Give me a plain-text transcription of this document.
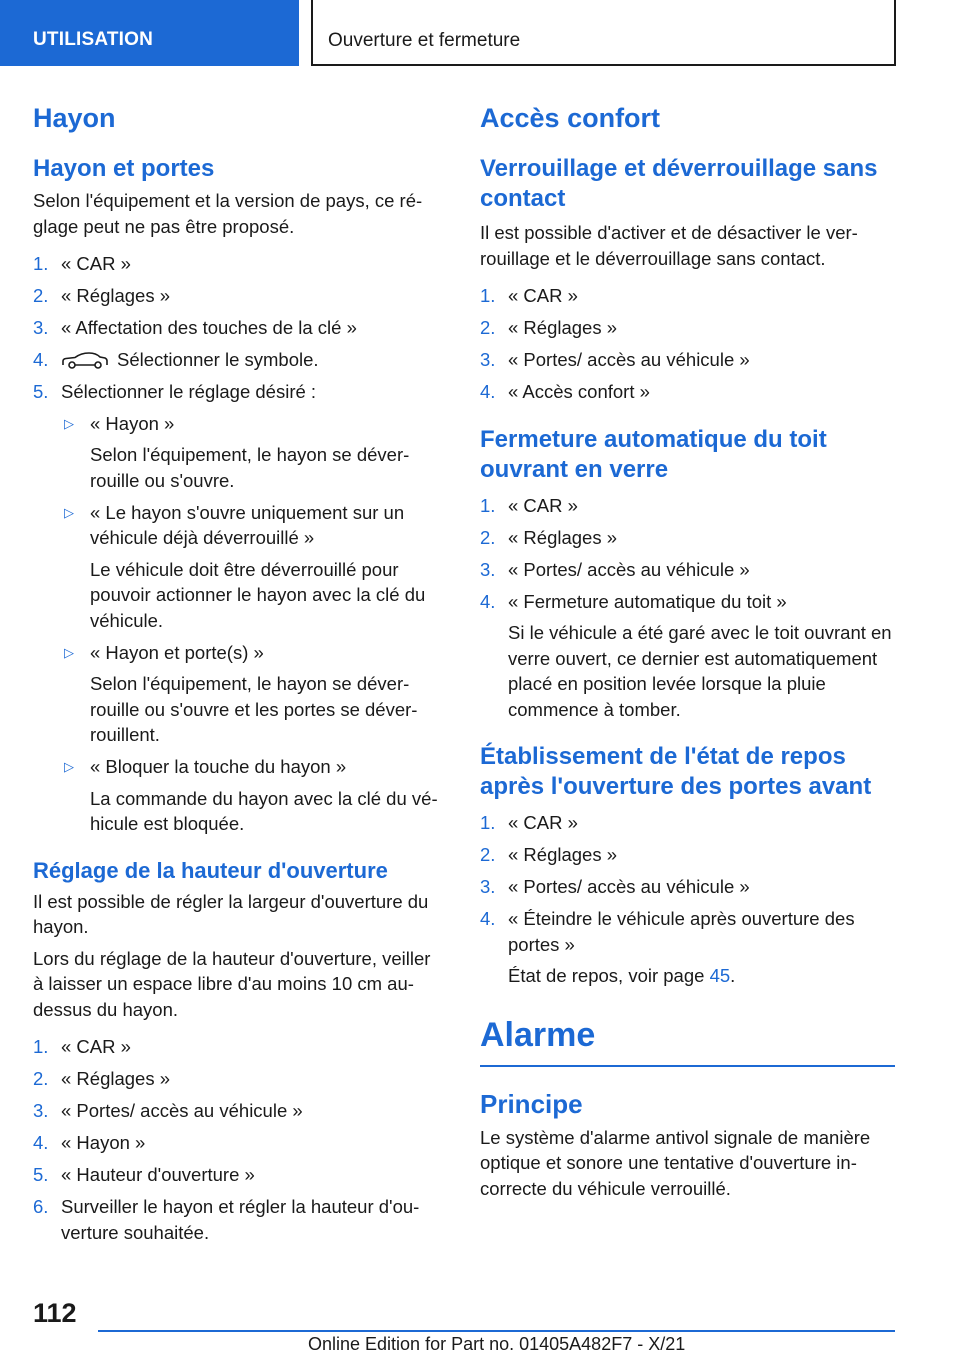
UTILISATION	Ouverture et fermeture
Hayon
Hayon et portes

Selon l'équipement et la version de pays, ce réglage peut ne pas être proposé.

1. « CAR »
2. « Réglages »
3. « Affectation des touches de la clé »
4.	Sélectionner le symbole.
5. Sélectionner le réglage désiré :
▷ « Hayon »
Selon l'équipement, le hayon se déverrouille ou s'ouvre.
▷ « Le hayon s'ouvre uniquement sur un véhicule déjà déverrouillé »
Le véhicule doit être déverrouillé pour pouvoir actionner le hayon avec la clé du véhicule.
▷ « Hayon et porte(s) »
Selon l'équipement, le hayon se déverrouille ou s'ouvre et les portes se déverrouillent.
▷ « Bloquer la touche du hayon »
La commande du hayon avec la clé du véhicule est bloquée.
Réglage de la hauteur d'ouverture

Il est possible de régler la largeur d'ouverture du hayon.

Lors du réglage de la hauteur d'ouverture, veiller à laisser un espace libre d'au moins 10 cm au-dessus du hayon.

1. « CAR »
2. « Réglages »
3. « Portes/ accès au véhicule »
4. « Hayon »
5. « Hauteur d'ouverture »
6. Surveiller le hayon et régler la hauteur d'ouverture souhaitée.
Accès confort
Verrouillage et déverrouillage sans contact

Il est possible d'activer et de désactiver le verrouillage et le déverrouillage sans contact.

1. « CAR »
2. « Réglages »
3. « Portes/ accès au véhicule »
4. « Accès confort »
Fermeture automatique du toit ouvrant en verre
1. « CAR »
2. « Réglages »
3. « Portes/ accès au véhicule »
4. « Fermeture automatique du toit »
Si le véhicule a été garé avec le toit ouvrant en verre ouvert, ce dernier est automatiquement placé en position levée lorsque la pluie commence à tomber.
Établissement de l'état de repos après l'ouverture des portes avant
1. « CAR »
2. « Réglages »
3. « Portes/ accès au véhicule »
4. « Éteindre le véhicule après ouverture des portes »
État de repos, voir page 45.
Alarme
Principe

Le système d'alarme antivol signale de manière optique et sonore une tentative d'ouverture incorrecte du véhicule verrouillé.

112
Online Edition for Part no. 01405A482F7 - X/21
